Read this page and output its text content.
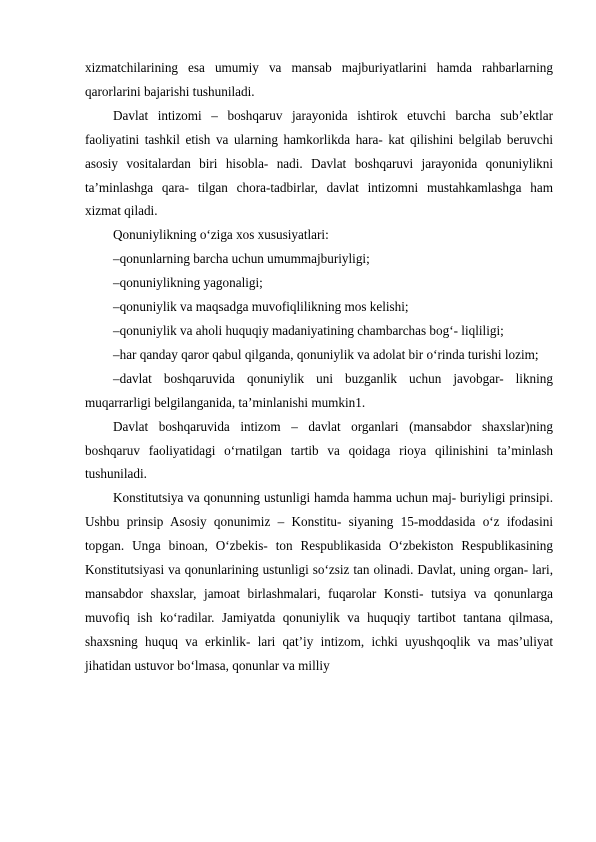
xizmatchilarining esa umumiy va mansab majburiyatlarini hamda rahbarlarning qarorlarini bajarishi tushuniladi.

Davlat intizomi – boshqaruv jarayonida ishtirok etuvchi barcha sub’ektlar faoliyatini tashkil etish va ularning hamkorlikda hara- kat qilishini belgilab beruvchi asosiy vositalardan biri hisobla- nadi. Davlat boshqaruvi jarayonida qonuniylikni ta’minlashga qara- tilgan chora-tadbirlar, davlat intizomni mustahkamlashga ham xizmat qiladi.

Qonuniylikning o‘ziga xos xususiyatlari:

–qonunlarning barcha uchun umummajburiyligi;

–qonuniylikning yagonaligi;

–qonuniylik va maqsadga muvofiqlilikning mos kelishi;

–qonuniylik va aholi huquqiy madaniyatining chambarchas bog‘- liqliligi;

–har qanday qaror qabul qilganda, qonuniylik va adolat bir o‘rinda turishi lozim;

–davlat boshqaruvida qonuniylik uni buzganlik uchun javobgar- likning muqarrarligi belgilanganida, ta’minlanishi mumkin1.

Davlat boshqaruvida intizom – davlat organlari (mansabdor shaxslar)ning boshqaruv faoliyatidagi o‘rnatilgan tartib va qoidaga rioya qilinishini ta’minlash tushuniladi.

Konstitutsiya va qonunning ustunligi hamda hamma uchun maj- buriyligi prinsipi. Ushbu prinsip Asosiy qonunimiz – Konstitu- siyaning 15-moddasida o‘z ifodasini topgan. Unga binoan, O‘zbekis- ton Respublikasida O‘zbekiston Respublikasining Konstitutsiyasi va qonunlarining ustunligi so‘zsiz tan olinadi. Davlat, uning organ- lari, mansabdor shaxslar, jamoat birlashmalari, fuqarolar Konsti- tutsiya va qonunlarga muvofiq ish ko‘radilar. Jamiyatda qonuniylik va huquqiy tartibot tantana qilmasa, shaxsning huquq va erkinlik- lari qat’iy intizom, ichki uyushqoqlik va mas’uliyat jihatidan ustuvor bo‘lmasa, qonunlar va milliy
